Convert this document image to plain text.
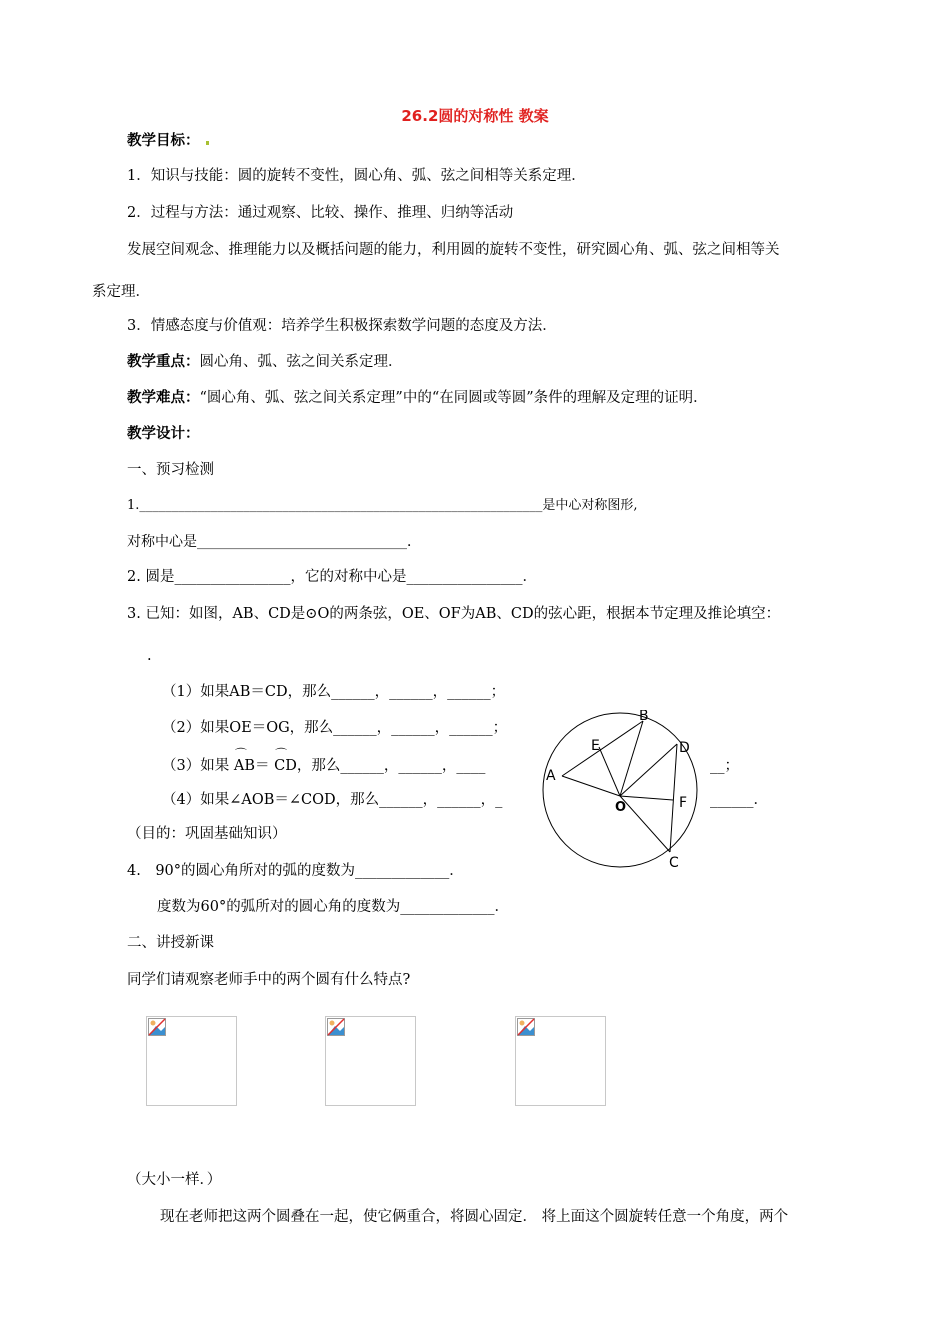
26.2圆的对称性 教案
教学目标：
1．知识与技能：圆的旋转不变性，圆心角、弧、弦之间相等关系定理．
2．过程与方法：通过观察、比较、操作、推理、归纳等活动
发展空间观念、推理能力以及概括问题的能力，利用圆的旋转不变性，研究圆心角、弧、弦之间相等关
系定理．
3．情感态度与价值观：培养学生积极探索数学问题的态度及方法．
教学重点：圆心角、弧、弦之间关系定理．
教学难点：“圆心角、弧、弦之间关系定理”中的“在同圆或等圆”条件的理解及定理的证明．
教学设计：
一、预习检测
1.______________________________________________________________是中心对称图形,
对称中心是______________________________．
2. 圆是________________，它的对称中心是________________．
3. 已知：如图，AB、CD是⊙O的两条弦，OE、OF为AB、CD的弦心距，根据本节定理及推论填空：
.
（1）如果AB＝CD，那么______，______，______；
（2）如果OE＝OG，那么______，______，______；
（3）如果
⌒
AB＝
⌒
CD，那么______，______，____	__；
（4）如果∠AOB＝∠COD，那么______，______，_	______．
（目的：巩固基础知识）
4.　90°的圆心角所对的弧的度数为_____________．
度数为60°的弧所对的圆心角的度数为_____________．
A
B
C
D
E
F
O
二、讲授新课
同学们请观察老师手中的两个圆有什么特点?
（大小一样．）
现在老师把这两个圆叠在一起，使它俩重合，将圆心固定． 将上面这个圆旋转任意一个角度，两个
